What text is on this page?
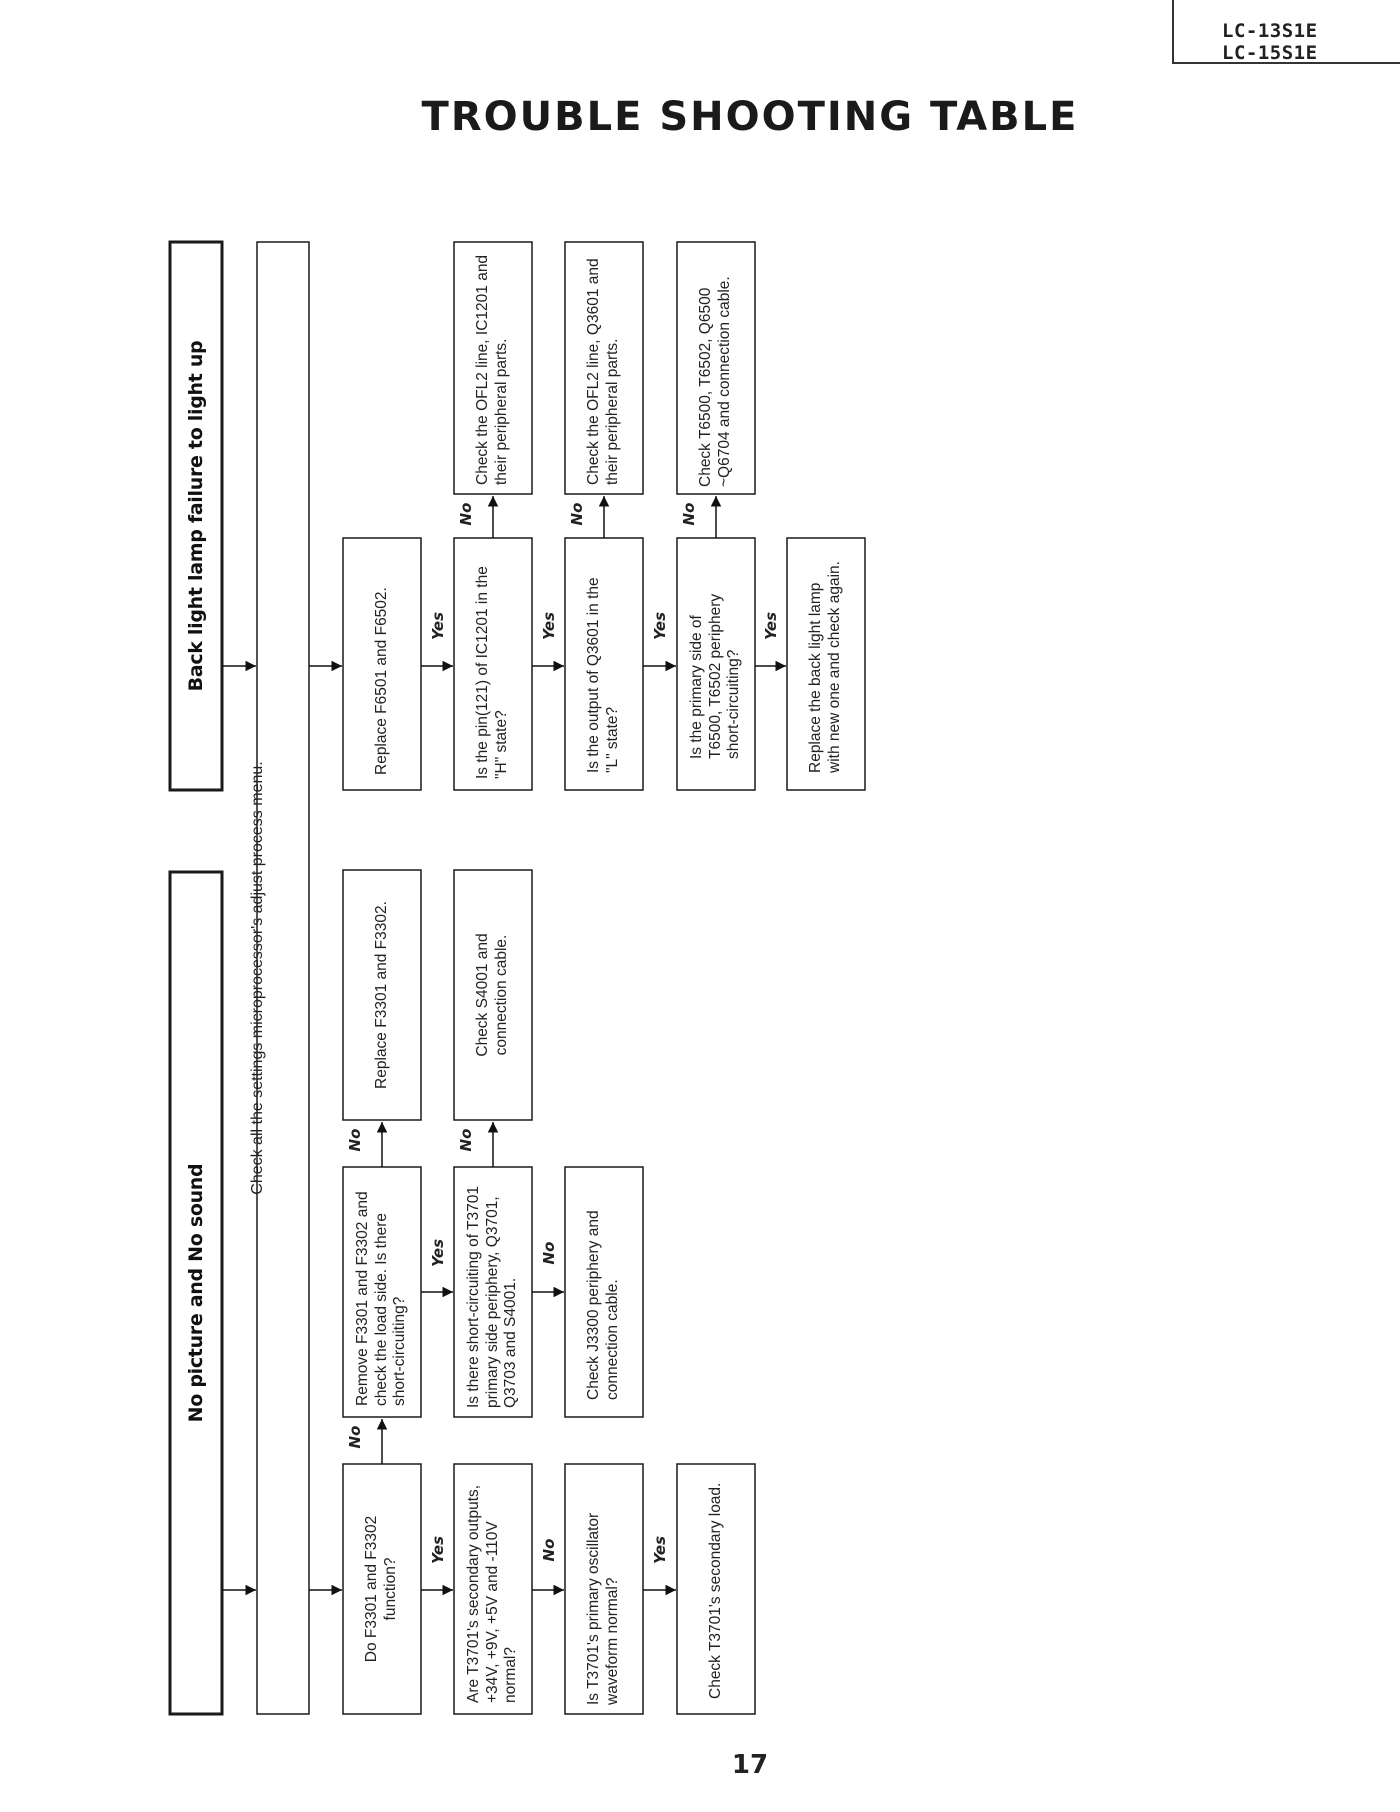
LC-13S1E
LC-15S1E
TROUBLE SHOOTING TABLE
No picture and No sound
Back light lamp failure to light up
Check all the settings microprocessor's adjust process menu.
Do F3301 and F3302 function?
Remove F3301 and F3302 and check the load side. Is there short-circuiting?
Replace F3301 and F3302.
Replace F6501 and F6502.
Are T3701's secondary outputs, +34V, +9V, +5V and -110V normal?
Is there short-circuiting of T3701 primary side periphery, Q3701, Q3703 and S4001.
Check S4001 and connection cable.
Is the pin(121) of IC1201 in the "H" state?
Check the OFL2 line, IC1201 and their peripheral parts.
Is T3701's primary oscillator waveform normal?
Check J3300 periphery and connection cable.
Is the output of Q3601 in the "L" state?
Check the OFL2 line, Q3601 and their peripheral parts.
Check T3701's secondary load.
Is the primary side of T6500, T6502 periphery short-circuiting?
Check T6500, T6502, Q6500 ~Q6704 and connection cable.
Replace the back light lamp with new one and check again.
Yes	No	Yes
Yes	No
No
No	No
Yes	Yes	Yes	Yes
No	No	No
17
